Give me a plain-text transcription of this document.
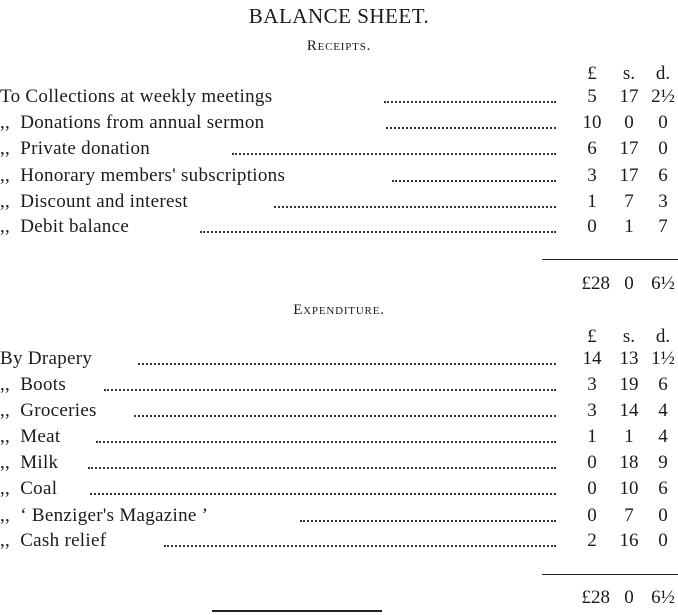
BALANCE SHEET.
Receipts.
£	s.	d.
To Collections at weekly meetings	5	17 2½
,,  Donations from annual sermon	10	0	0
,,  Private donation	6	17	0
,,  Honorary members' subscriptions	3	17	6
,,  Discount and interest	1	7	3
,,  Debit balance	0	1	7
£28 0 6½
Expenditure.
£	s.	d.
By Drapery	14 13 1½
,,  Boots	3	19	6
,,  Groceries	3	14	4
,,  Meat	1	1	4
,,  Milk	0	18	9
,,  Coal	0	10	6
,,  ‘ Benziger's Magazine ’	0	7	0
,,  Cash relief	2	16	0
£28 0 6½
